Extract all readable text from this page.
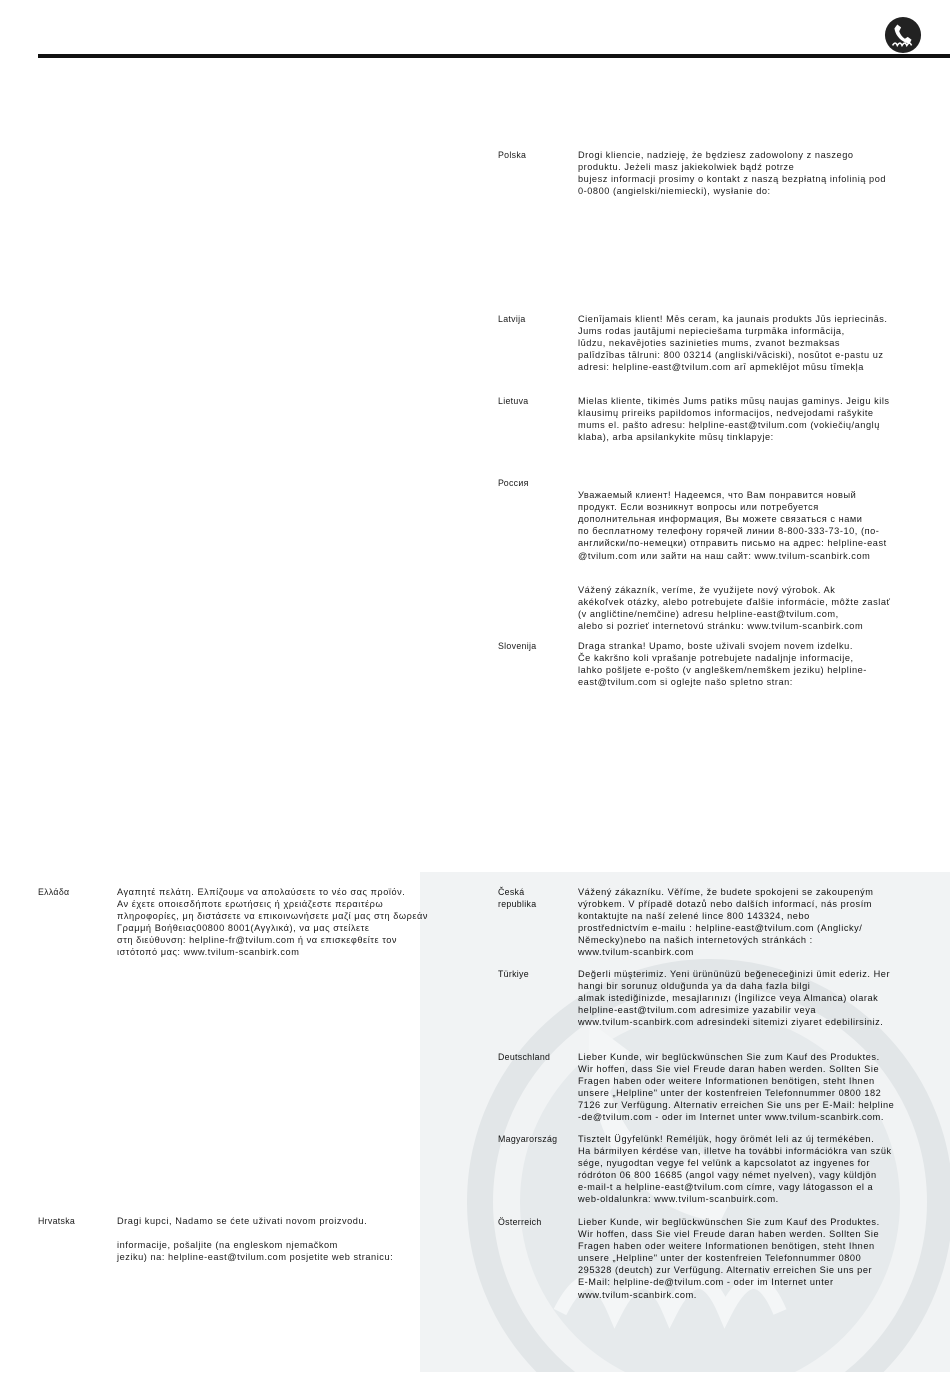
Polska	Drogi kliencie, nadzieję, że będziesz zadowolony z naszego
produktu. Jeżeli masz jakiekolwiek bądź potrze
bujesz informacji prosimy o kontakt z naszą bezpłatną infolinią pod
0-0800 (angielski/niemiecki), wysłanie do:
Latvija	Cienījamais klient! Mēs ceram, ka jaunais produkts Jūs iepriecinās.
Jums rodas jautājumi nepieciešama turpmāka informācija,
lūdzu, nekavējoties sazinieties mums, zvanot bezmaksas
palīdzības tālruni: 800 03214 (angliski/vāciski), nosūtot e-pastu uz
adresi: helpline-east@tvilum.com arī apmeklējot mūsu tīmekļa
Lietuva	Mielas kliente, tikimės Jums patiks mūsų naujas gaminys. Jeigu kils
klausimų prireiks papildomos informacijos, nedvejodami rašykite
mums el. pašto adresu: helpline-east@tvilum.com (vokiečių/anglų
klaba), arba apsilankykite mūsų tinklapyje:
Россия

Уважаемый клиент! Надеемся, что Вам понравится новый
продукт. Если возникнут вопросы или потребуется
дополнительная информация, Вы можете связаться с нами
по бесплатному телефону горячей линии 8-800-333-73-10, (по-
английски/по-немецки) отправить письмо на адрес: helpline-east
@tvilum.com или зайти на наш сайт: www.tvilum-scanbirk.com

Vážený zákazník, veríme, že využijete nový výrobok. Ak
akékoľvek otázky, alebo potrebujete ďalšie informácie, môžte zaslať
(v angličtine/nemčine) adresu helpline-east@tvilum.com,
alebo si pozrieť internetovú stránku: www.tvilum-scanbirk.com

Slovenija	Draga stranka! Upamo, boste uživali svojem novem izdelku.
Če kakršno koli vprašanje potrebujete nadaljnje informacije,
lahko pošljete e-pošto (v angleškem/nemškem jeziku) helpline-
east@tvilum.com si oglejte našo spletno stran:
Ελλάδα	Αγαπητέ πελάτη. Ελπίζουμε να απολαύσετε το νέο σας προϊόν.
Αν έχετε οποιεσδήποτε ερωτήσεις ή χρειάζεστε περαιτέρω
πληροφορίες, μη διστάσετε να επικοινωνήσετε μαζί μας στη δωρεάν
Γραμμή Βοήθειας00800 8001(Αγγλικά), να μας στείλετε
στη διεύθυνση: helpline-fr@tvilum.com ή να επισκεφθείτε τον
ιστότοπό μας: www.tvilum-scanbirk.com
Hrvatska	Dragi kupci, Nadamo se ćete uživati novom proizvodu.

informacije, pošaljite (na engleskom njemačkom
jeziku) na: helpline-east@tvilum.com posjetite web stranicu:
Česká
republika
Vážený zákazníku. Věříme, že budete spokojeni se zakoupeným
výrobkem. V případě dotazů nebo dalších informací, nás prosím
kontaktujte na naší zelené lince 800 143324, nebo
prostřednictvím e-mailu : helpline-east@tvilum.com (Anglicky/
Německy)nebo na našich internetových stránkách :
www.tvilum-scanbirk.com
Türkiye	Değerli müşterimiz. Yeni ürününüzü beğeneceğinizi ümit ederiz. Her
hangi bir sorunuz olduğunda ya da daha fazla bilgi
almak istediğinizde, mesajlarınızı (İngilizce veya Almanca) olarak
helpline-east@tvilum.com adresimize yazabilir veya
www.tvilum-scanbirk.com adresindeki sitemizi ziyaret edebilirsiniz.
Deutschland	Lieber Kunde, wir beglückwünschen Sie zum Kauf des Produktes.
Wir hoffen, dass Sie viel Freude daran haben werden. Sollten Sie
Fragen haben oder weitere Informationen benötigen, steht Ihnen
unsere „Helpline" unter der kostenfreien Telefonnummer 0800 182
7126 zur Verfügung. Alternativ erreichen Sie uns per E-Mail: helpline
-de@tvilum.com - oder im Internet unter www.tvilum-scanbirk.com.
Magyarország	Tisztelt Ügyfelünk! Reméljük, hogy örömét leli az új termékében.
Ha bármilyen kérdése van, illetve ha további információkra van szük
sége, nyugodtan vegye fel velünk a kapcsolatot az ingyenes for
ródróton 06 800 16685 (angol vagy német nyelven), vagy küldjön
e-mail-t a helpline-east@tvilum.com címre, vagy látogasson el a
web-oldalunkra: www.tvilum-scanbuirk.com.
Österreich	Lieber Kunde, wir beglückwünschen Sie zum Kauf des Produktes.
Wir hoffen, dass Sie viel Freude daran haben werden. Sollten Sie
Fragen haben oder weitere Informationen benötigen, steht Ihnen
unsere „Helpline" unter der kostenfreien Telefonnummer 0800
295328 (deutch) zur Verfügung. Alternativ erreichen Sie uns per
E-Mail: helpline-de@tvilum.com - oder im Internet unter
www.tvilum-scanbirk.com.
